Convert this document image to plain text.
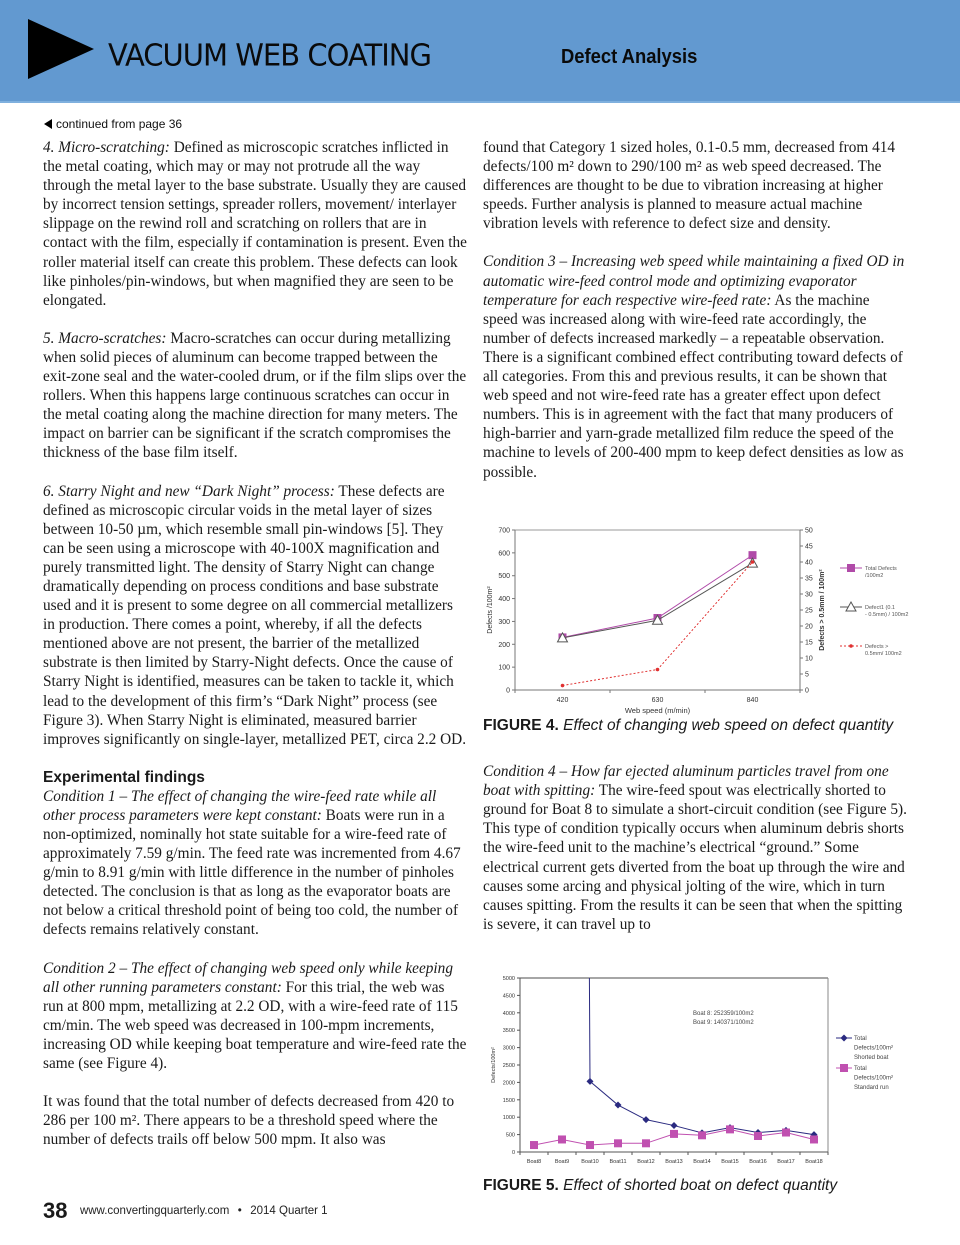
VACUUM WEB COATING	Defect Analysis
continued from page 36

4. Micro-scratching: Defined as microscopic scratches inflicted in the metal coating, which may or may not protrude all the way through the metal layer to the base substrate. Usually they are caused by incorrect tension settings, spreader rollers, movement/ interlayer slippage on the rewind roll and scratching on rollers that are in contact with the film, especially if contamination is present. Even the roller material itself can create this problem. These defects can look like pinholes/pin-windows, but when magnified they are seen to be elongated.

5. Macro-scratches: Macro-scratches can occur during metallizing when solid pieces of aluminum can become trapped between the exit-zone seal and the water-cooled drum, or if the film slips over the rollers. When this happens large continuous scratches can occur in the metal coating along the machine direction for many meters. The impact on barrier can be significant if the scratch compromises the thickness of the base film itself.

6. Starry Night and new “Dark Night” process: These defects are defined as microscopic circular voids in the metal layer of sizes between 10-50 µm, which resemble small pin-windows [5]. They can be seen using a microscope with 40-100X magnification and purely transmitted light. The density of Starry Night can change dramatically depending on process conditions and base substrate used and it is present to some degree on all commercial metallizers in production. There comes a point, whereby, if all the defects mentioned above are not present, the barrier of the metallized substrate is then limited by Starry-Night defects. Once the cause of Starry Night is identified, measures can be taken to tackle it, which lead to the development of this firm’s “Dark Night” process (see Figure 3). When Starry Night is eliminated, measured barrier improves significantly on single-layer, metallized PET, circa 2.2 OD.

Experimental findings

Condition 1 – The effect of changing the wire-feed rate while all other process parameters were kept constant: Boats were run in a non-optimized, nominally hot state suitable for a wire-feed rate of approximately 7.59 g/min. The feed rate was incremented from 4.67 g/min to 8.91 g/min with little difference in the number of pinholes detected. The conclusion is that as long as the evaporator boats are not below a critical threshold point of being too cold, the number of defects remains relatively constant.

Condition 2 – The effect of changing web speed only while keeping all other running parameters constant: For this trial, the web was run at 800 mpm, metallizing at 2.2 OD, with a wire-feed rate of 115 cm/min. The web speed was decreased in 100-mpm increments, increasing OD while keeping boat temperature and wire-feed rate the same (see Figure 4).

It was found that the total number of defects decreased from 420 to 286 per 100 m². There appears to be a threshold speed where the number of defects trails off below 500 mpm. It also was

found that Category 1 sized holes, 0.1-0.5 mm, decreased from 414 defects/100 m² down to 290/100 m² as web speed decreased. The differences are thought to be due to vibration increasing at higher speeds. Further analysis is planned to measure actual machine vibration levels with reference to defect size and density.

Condition 3 – Increasing web speed while maintaining a fixed OD in automatic wire-feed control mode and optimizing evaporator temperature for each respective wire-feed rate: As the machine speed was increased along with wire-feed rate accordingly, the number of defects increased markedly – a repeatable observation. There is a significant combined effect contributing toward defects of all categories. From this and previous results, it can be shown that web speed and not wire-feed rate has a greater effect upon defect numbers. This is in agreement with the fact that many producers of high-barrier and yarn-grade metallized film reduce the speed of the machine to levels of 200-400 mpm to keep defect densities as low as possible.

FIGURE 4. Effect of changing web speed on defect quantity

Condition 4 – How far ejected aluminum particles travel from one boat with spitting: The wire-feed spout was electrically shorted to ground for Boat 8 to simulate a short-circuit condition (see Figure 5). This type of condition typically occurs when aluminum debris shorts the wire-feed unit to the machine’s electrical “ground.” Some electrical current gets diverted from the boat up through the wire and causes some arcing and physical jolting of the wire, which in turn causes spitting. From the results it can be seen that when the spitting is severe, it can travel up to

0
100
200
300
400
500
600
700
0
5
10
15
20
25
30
35
40
45
50
420	630	840
Web speed (m/min)
Defects /100m²	Defects > 0.5mm / 100m²
Total Defects
/100m2
Defect1 (0.1
- 0.5mm) / 100m2
Defects >
0.5mm/ 100m2
0
500
1000
1500
2000
2500
3000
3500
4000
4500
5000
Boat8 Boat9 Boat10 Boat11 Boat12 Boat13 Boat14 Boat15 Boat16 Boat17 Boat18
Defects/100m²
Boat 8: 252359/100m2
Boat 9: 140371/100m2
Total
Defects/100m²
Shorted boat
Total
Defects/100m²
Standard run
FIGURE 5. Effect of shorted boat on defect quantity
38 www.convertingquarterly.com • 2014 Quarter 1
